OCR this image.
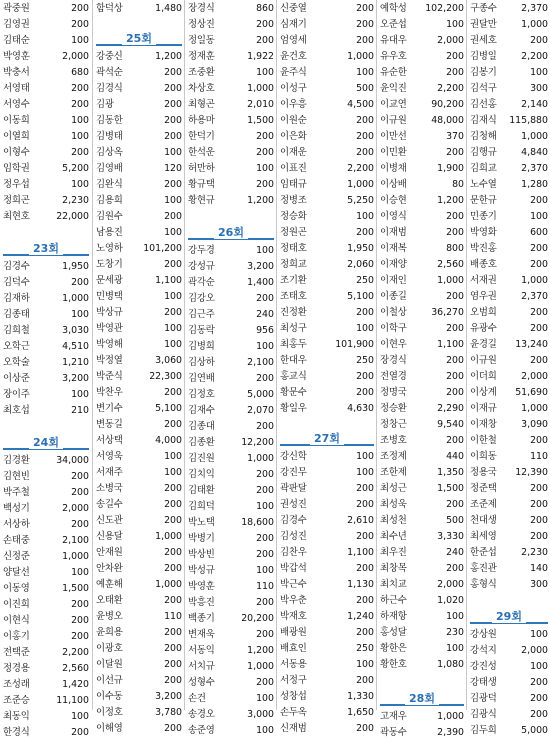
곽중원	200
김영권	200
김태순	100
박영훈	2,000
박충서	680
서영태	200
서영수	200
이동희	100
이열희	100
이형수	200
임학권	5,200
정우섭	100
정희곤	2,230
최현호	22,000
23회
김경수	1,950
김덕수	200
김재하	1,000
김종태	100
김희철	3,030
오학근	4,510
오학술	1,210
이상준	3,200
장이주	100
최호섭	210
24회
김경환	34,000
김현빈	200
박주철	200
백성기	2,000
서상하	200
손태중	2,100
신정준	1,000
양달선	100
이동영	1,500
이진희	200
이현식	200
이홍기	200
전택준	2,200
정경용	2,560
조성래	1,420
조준승	11,100
최동익	100
한경식	200
함덕상	1,480
25회
강중신	1,200
곽석순	200
김경식	200
김광	200
김동한	200
김병태	200
김상옥	100
김영배	120
김완식	200
김용희	100
김원수	200
남용진	100
노영하 101,200
도창기	200
문세광	1,100
민병택	100
박상규	200
박영관	100
박영해	100
박정열	3,060
박준식	22,300
박찬우	200
변기수	5,100
변동길	200
서상택	4,000
서영욱	100
서재주	100
소병국	200
송길수	200
신도관	200
신용달	1,000
안재원	200
안차완	200
예훈해	1,000
오태환	200
윤병오	110
윤희용	200
이광호	200
이달원	200
이선규	200
이수동	3,200
이정호	3,780
이해영	200
장경식	860
정상진	200
정일동	200
정재훈	1,922
조중환	100
차상호	1,000
최형곤	2,010
하용마	1,500
한덕기	200
한석운	200
허만하	100
황규택	200
황현규	1,200
26회
강두경	100
강성규	3,200
곽각순	1,400
김강오	200
김근주	240
김동락	956
김병희	100
김상하	2,100
김연배	200
김정호	5,000
김재수	2,070
김종대	200
김종환	12,200
김진원	1,000
김치익	200
김태환	200
김희덕	100
박노택	18,600
박병기	200
박상빈	200
박성규	100
박영훈	110
박흥진	200
백종기	20,200
변재욱	200
서동익	1,200
서치규	1,000
성형수	200
손건	100
송경오	3,000
송준영	100
신중열	200
심재기	200
엄영세	200
윤건호	1,000
윤주식	100
이성구	500
이우흥	4,500
이원순	200
이은화	200
이재운	200
이표진	2,200
임태규	1,000
정병조	5,250
정승화	100
정원곤	200
정태호	1,950
정희교	2,060
조기환	250
조태호	5,100
진정환	200
최성구	100
최홍두	101,900
한대우	250
홍교식	200
황문수	200
황일우	4,630
27회
강신학	100
강진무	100
곽판달	200
권성진	200
김경수	2,610
김성진	200
김찬우	1,100
박갑석	200
박근수	1,130
박우춘	200
박재호	1,240
배광원	200
배효인	250
서동용	100
서정구	200
성창섭	1,330
손두옥	1,650
신재범	200
예학성 102,200
오준섭	100
유대우	2,000
유우호	200
유순한	200
윤익진	2,200
이교연	90,200
이규원	48,000
이만선	370
이민환	200
이병채	1,900
이상배	80
이승현	1,200
이영식	200
이재범	200
이재복	800
이재양	2,560
이재인	1,000
이종길	200
이철상	36,270
이학구	200
이현우	1,100
장경식	200
전열경	200
정명국	200
정승환	2,290
정창근	9,540
조병호	200
조정제	440
조한제	1,350
최성근	1,500
최성욱	200
최성천	500
최수년	3,330
최우진	240
최창목	200
최치교	2,000
하근수	1,020
하재항	100
홍성달	230
황한은	100
황한호	1,080
28회
고재우	1,000
곽동수	2,390
구종수	2,370
권달만	1,000
권세호	200
김병일	2,200
김봉기	100
김석구	300
김선홍	2,140
김재식 115,880
김청해	1,000
김행규	4,840
김희교	2,370
노수열	1,280
문한규	200
민종기	100
박영화	600
박진홍	200
배종호	200
서재권	1,000
염우권	2,370
오범희	200
유광수	200
윤경길 13,240
이규원	200
이더희	2,000
이상계 51,690
이재규	1,000
이재창	3,090
이한철	200
이희동	110
정용국 12,390
정준택	200
조준제	200
천대생	200
최세영	200
한준섭	2,230
홍진관	140
홍형식	300
29회
강상원	100
강석지	2,000
강진성	100
강태생	200
김광덕	200
김광식	200
김두희	5,000
